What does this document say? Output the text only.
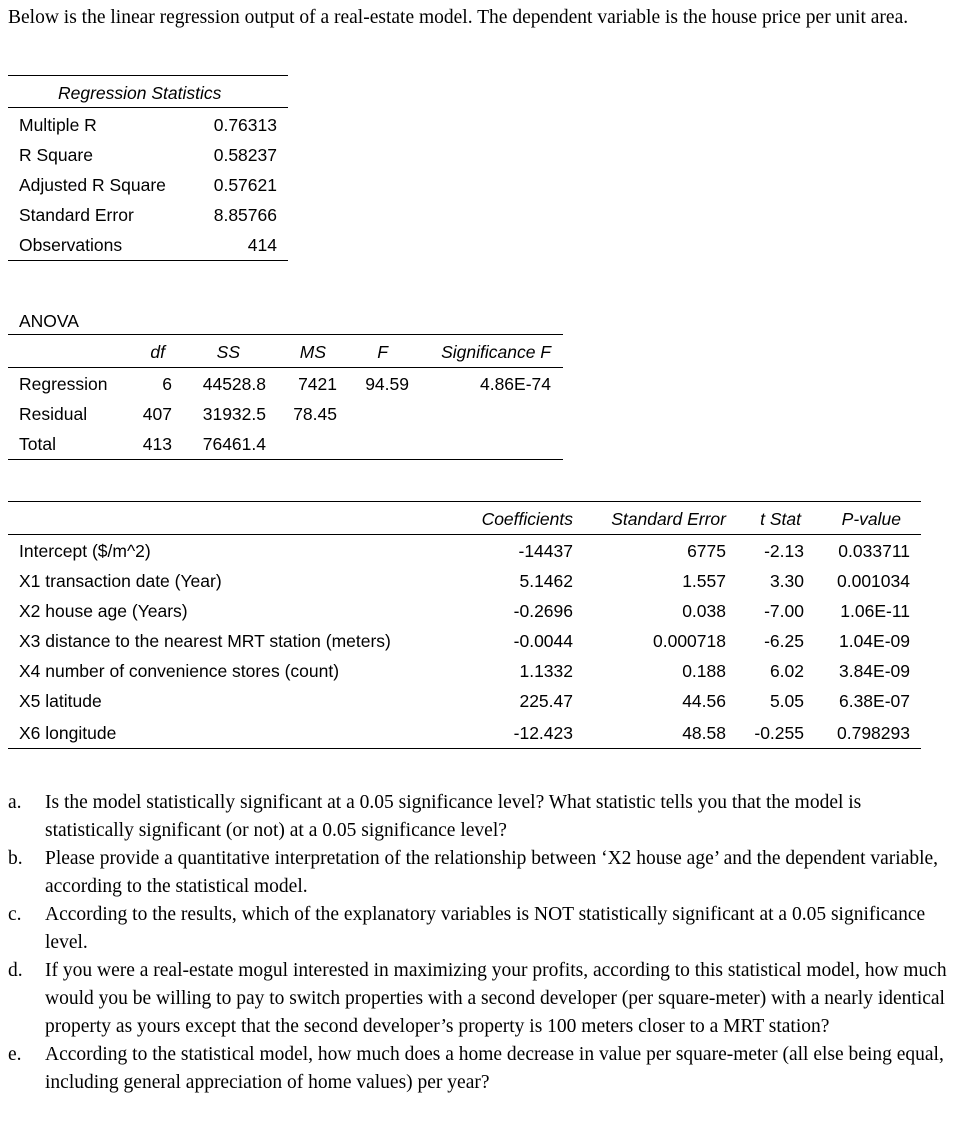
Below is the linear regression output of a real-estate model. The dependent variable is the house price per unit area.
Regression Statistics
Multiple R	0.76313
R Square	0.58237
Adjusted R Square	0.57621
Standard Error	8.85766
Observations	414
ANOVA
df	SS	MS	F	Significance F
Regression	6	44528.8	7421	94.59	4.86E-74
Residual	407	31932.5	78.45
Total	413	76461.4
Coefficients	Standard Error	t Stat	P-value
Intercept ($/m^2)	-14437	6775	-2.13	0.033711
X1 transaction date (Year)	5.1462	1.557	3.30	0.001034
X2 house age (Years)	-0.2696	0.038	-7.00	1.06E-11
X3 distance to the nearest MRT station (meters)	-0.0044	0.000718	-6.25	1.04E-09
X4 number of convenience stores (count)	1.1332	0.188	6.02	3.84E-09
X5 latitude	225.47	44.56	5.05	6.38E-07
X6 longitude	-12.423	48.58	-0.255	0.798293
a.	Is the model statistically significant at a 0.05 significance level? What statistic tells you that the model is statistically significant (or not) at a 0.05 significance level?
b. Please provide a quantitative interpretation of the relationship between ‘X2 house age’ and the dependent variable, according to the statistical model.
c.	According to the results, which of the explanatory variables is NOT statistically significant at a 0.05 significance level.
d. If you were a real-estate mogul interested in maximizing your profits, according to this statistical model, how much would you be willing to pay to switch properties with a second developer (per square-meter) with a nearly identical property as yours except that the second developer’s property is 100 meters closer to a MRT station?
e.	According to the statistical model, how much does a home decrease in value per square-meter (all else being equal, including general appreciation of home values) per year?
